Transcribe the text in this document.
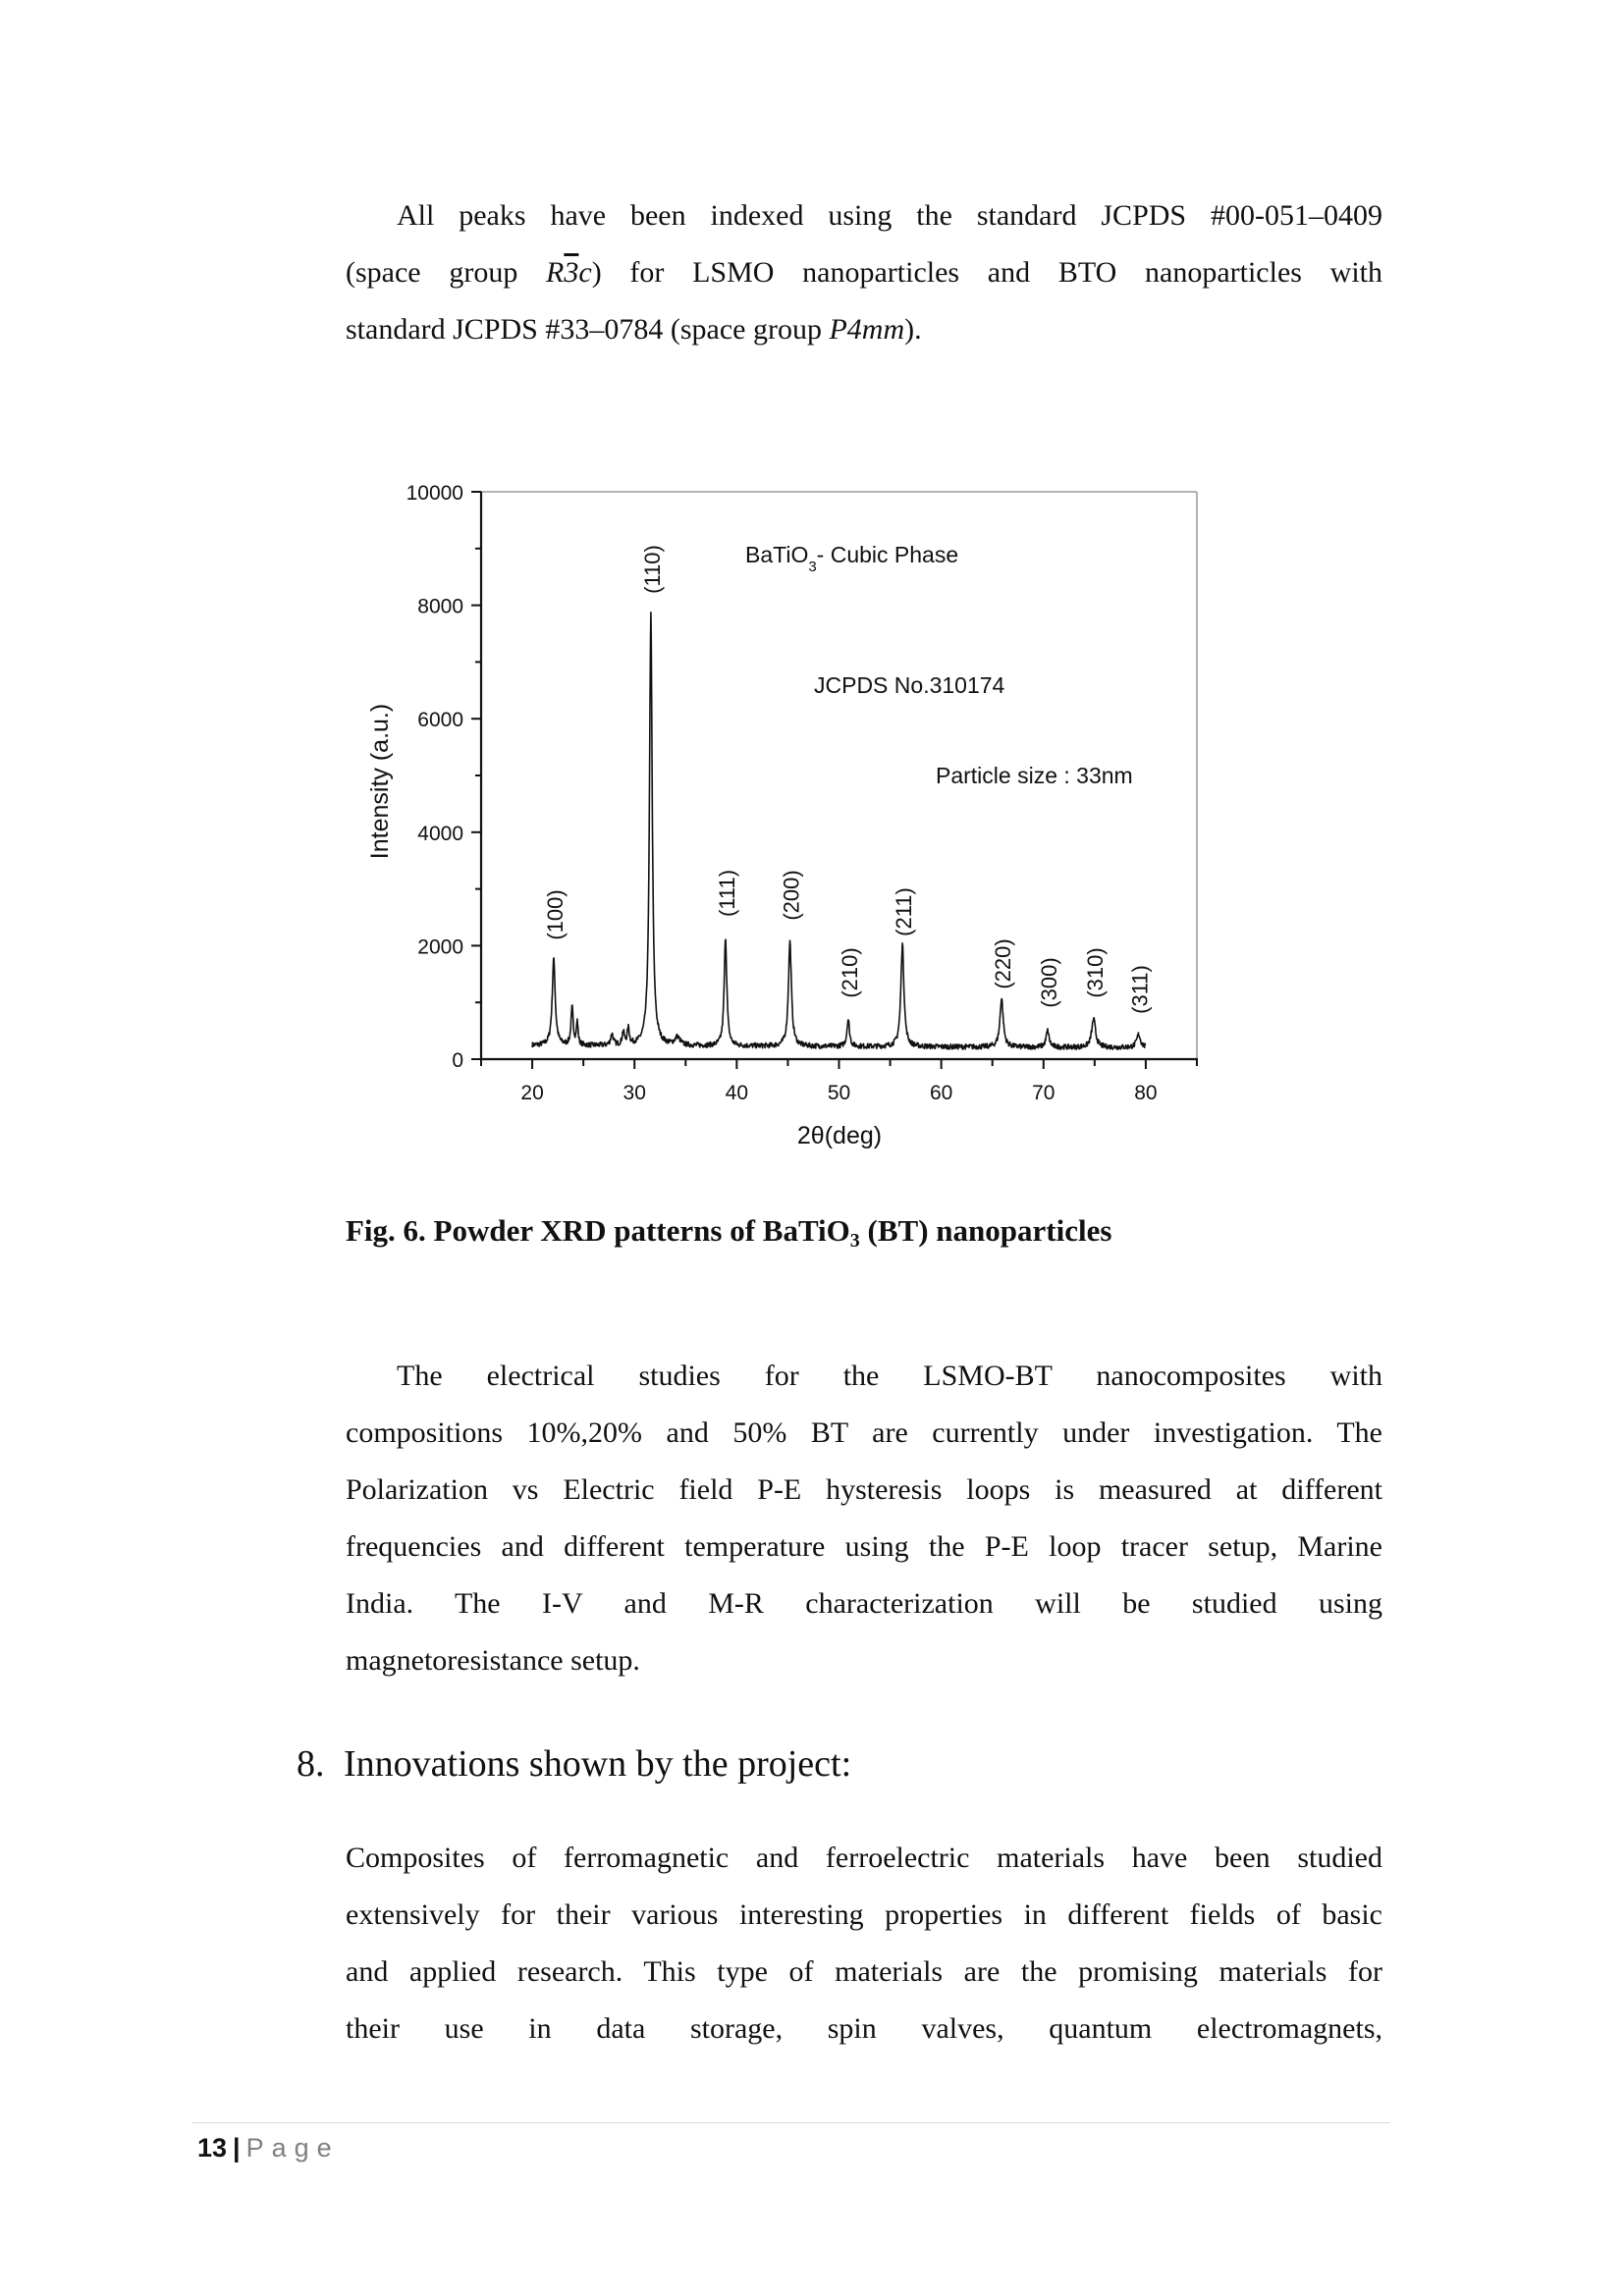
All peaks have been indexed using the standard JCPDS #00-051–0409
(space group R3c) for LSMO nanoparticles and BTO nanoparticles with
standard JCPDS #33–0784 (space group P4mm).
0
2000
4000
6000
8000
10000
20	30	40	50	60	70	80
(100)
(110)
(111) (200)
(210)
(211)
(220) (300) (310) (311)
BaTiO$_3$- Cubic Phase
JCPDS No.310174
Particle size : 33nm
2θ(deg)
Intensity (a.u.)
Fig. 6. Powder XRD patterns of BaTiO$_3$ (BT) nanoparticles
The electrical studies for the LSMO-BT nanocomposites with
compositions 10%,20% and 50% BT are currently under investigation. The
Polarization vs Electric field P-E hysteresis loops is measured at different
frequencies and different temperature using the P-E loop tracer setup, Marine
India. The I-V and M-R characterization will be studied using
magnetoresistance setup.
8. Innovations shown by the project:
Composites of ferromagnetic and ferroelectric materials have been studied
extensively for their various interesting properties in different fields of basic
and applied research. This type of materials are the promising materials for
their use in data storage, spin valves, quantum electromagnets,
13 | Page
